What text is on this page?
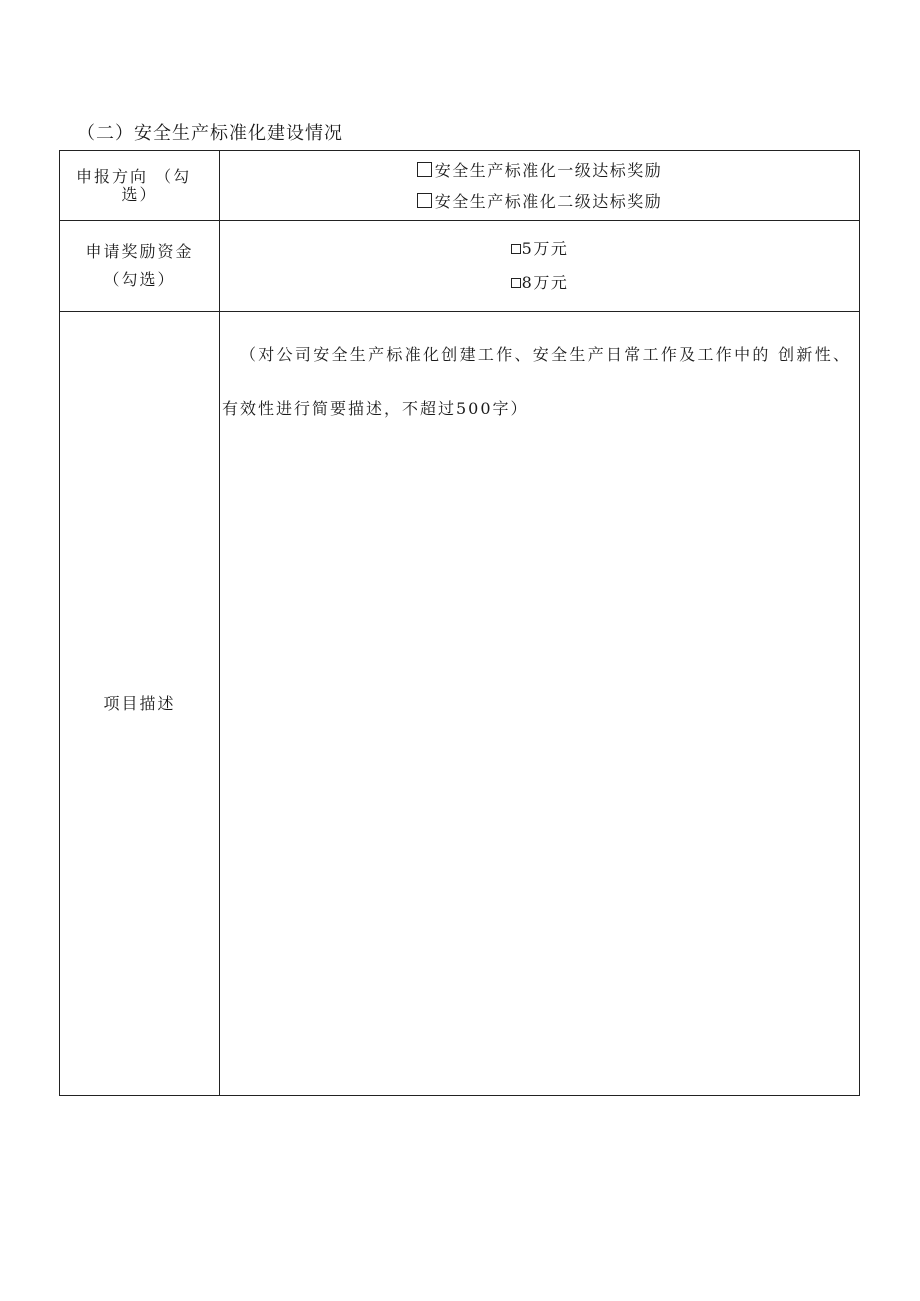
（二）安全生产标准化建设情况
申报方向 （勾
选）	安全生产标准化一级达标奖励
安全生产标准化二级达标奖励

申请奖励资金
（勾选）	5万元
8万元

项目描述	（对公司安全生产标准化创建工作、安全生产日常工作及工作中的 创新性、有效性进行简要描述，不超过500字）
